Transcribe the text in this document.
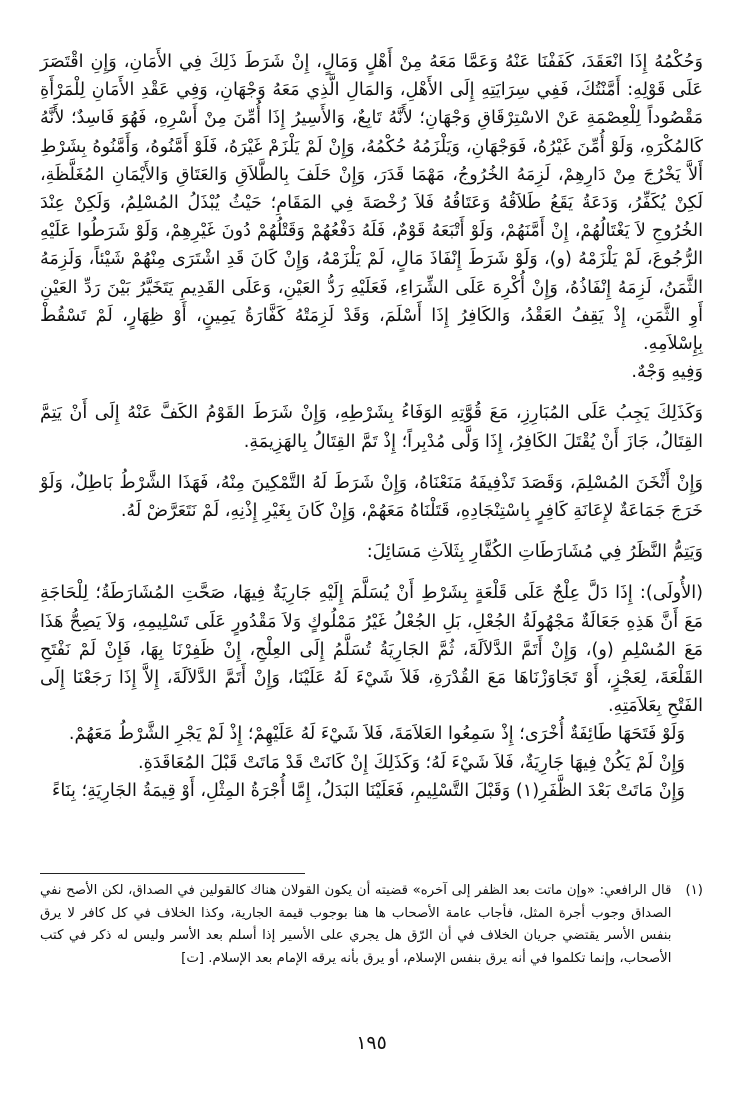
وَحُكْمُهُ إِذَا انْعَقَدَ، كَفَفْنَا عَنْهُ وَعَمَّا مَعَهُ مِنْ أَهْلٍ وَمَالٍ، إِنْ شَرَطَ ذَلِكَ فِي الأَمَانِ، وَإِنِ اقْتَصَرَ عَلَى قَوْلِهِ: أَمَّنْتُكَ، فَفِي سِرَايَتِهِ إِلَى الأَهْلِ، وَالمَالِ الَّذِي مَعَهُ وَجْهَانِ، وَفِي عَقْدِ الأَمَانِ لِلْمَرْأَةِ مَقْصُوداً لِلْعِصْمَةِ عَنْ الاسْتِرْقَاقِ وَجْهَانِ؛ لأَنَّهُ تَابِعٌ، وَالأَسِيرُ إِذَا أُمِّنَ مِنْ أَسْرِهِ، فَهُوَ فَاسِدٌ؛ لأَنَّهُ كَالمُكْرَهِ، وَلَوْ أُمِّنَ غَيْرُهُ، فَوَجْهَانِ، وَيَلْزَمُهُ حُكْمُهُ، وَإِنْ لَمْ يَلْزَمْ غَيْرَهُ، فَلَوْ أَمَّنُوهُ، وَأَمَّنُوهُ بِشَرْطِ أَلاَّ يَخْرُجَ مِنْ دَارِهِمْ، لَزِمَهُ الخُرُوجُ، مَهْمَا قَدَرَ، وَإِنْ حَلَفَ بِالطَّلاَقِ وَالعَتَاقِ وَالأَيْمَانِ المُغَلَّظَةِ، لَكِنْ يُكَفِّرُ، وَدَعَةُ يَقَعُ طَلاَقُهُ وَعَتَاقُهُ فَلاَ رُخْصَةَ فِي المَقَامِ؛ حَيْثُ يُبْذَلُ المُسْلِمُ، وَلَكِنْ عِنْدَ الخُرُوجِ لاَ يَغْتَالُهُمْ، إِنْ أَمَّنَهُمْ، وَلَوْ أَتْبَعَهُ قَوْمٌ، فَلَهُ دَفْعُهُمْ وَقَتْلُهُمْ دُونَ غَيْرِهِمْ، وَلَوْ شَرَطُوا عَلَيْهِ الرُّجُوعَ، لَمْ يَلْزَمْهُ (و)، وَلَوْ شَرَطَ إِنْفَاذَ مَالٍ، لَمْ يَلْزَمْهُ، وَإِنْ كَانَ قَدِ اشْتَرَى مِنْهُمْ شَيْئاً، وَلَزِمَهُ الثَّمَنُ، لَزِمَهُ إِنْفَاذُهُ، وَإِنْ أُكْرِهَ عَلَى الشِّرَاءِ، فَعَلَيْهِ رَدُّ العَيْنِ، وَعَلَى القَدِيمِ يَتَخَيَّرُ بَيْنَ رَدِّ العَيْنِ أَوِ الثَّمَنِ، إِذْ يَقِفُ العَقْدُ، وَالكَافِرُ إِذَا أَسْلَمَ، وَقَدْ لَزِمَتْهُ كَفَّارَةُ يَمِينٍ، أَوْ ظِهَارٍ، لَمْ تَسْقُطْ بِإِسْلاَمِهِ.

وَفِيهِ وَجْهٌ.

وَكَذَلِكَ يَجِبُ عَلَى المُبَارِزِ، مَعَ قُوَّتِهِ الوَفَاءُ بِشَرْطِهِ، وَإِنْ شَرَطَ القَوْمُ الكَفَّ عَنْهُ إِلَى أَنْ يَتِمَّ القِتَالُ، جَازَ أَنْ يُقْتَلَ الكَافِرُ، إِذَا وَلَّى مُدْبِراً؛ إِذْ تَمَّ القِتَالُ بِالهَزِيمَةِ.

وَإِنْ أَثْخَنَ المُسْلِمَ، وَقَصَدَ تَذْفِيفَهُ مَنَعْنَاهُ، وَإِنْ شَرَطَ لَهُ التَّمْكِينَ مِنْهُ، فَهَذَا الشَّرْطُ بَاطِلٌ، وَلَوْ خَرَجَ جَمَاعَةٌ لإِعَانَةِ كَافِرٍ بِاسْتِنْجَادِهِ، قَتَلْنَاهُ مَعَهُمْ، وَإِنْ كَانَ بِغَيْرِ إِذْنِهِ، لَمْ نَتَعَرَّضْ لَهُ.

وَيَتِمُّ النَّظَرُ فِي مُشَارَطَاتِ الكُفَّارِ بِثَلاَثِ مَسَائِلَ:

(الأُولَى): إِذَا دَلَّ عِلْجٌ عَلَى قَلْعَةٍ بِشَرْطِ أَنْ يُسَلَّمَ إِلَيْهِ جَارِيَةٌ فِيهَا، صَحَّتِ المُشَارَطَةُ؛ لِلْحَاجَةِ مَعَ أَنَّ هَذِهِ جَعَالَةٌ مَجْهُولَةُ الجُعْلِ، بَلِ الجُعْلُ غَيْرُ مَمْلُوكٍ وَلاَ مَقْدُورٍ عَلَى تَسْلِيمِهِ، وَلاَ يَصِحُّ هَذَا مَعَ المُسْلِمِ (و)، وَإِنْ أَتَمَّ الدَّلاَلَةَ، ثُمَّ الجَارِيَةُ تُسَلَّمُ إِلَى العِلْجِ، إِنْ ظَفِرْنَا بِهَا، فَإِنْ لَمْ نَفْتَحِ القَلْعَةَ، لِعَجْزٍ، أَوْ تَجَاوَزْنَاهَا مَعَ القُدْرَةِ، فَلاَ شَيْءَ لَهُ عَلَيْنَا، وَإِنْ أَتَمَّ الدَّلاَلَةَ، إِلاَّ إِذَا رَجَعْنَا إِلَى الفَتْحِ بِعَلاَمَتِهِ.

وَلَوْ فَتَحَهَا طَائِفَةٌ أُخْرَى؛ إِذْ سَمِعُوا العَلاَمَةَ، فَلاَ شَيْءَ لَهُ عَلَيْهِمْ؛ إِذْ لَمْ يَجْرِ الشَّرْطُ مَعَهُمْ.

وَإِنْ لَمْ يَكُنْ فِيهَا جَارِيَةٌ، فَلاَ شَيْءَ لَهُ؛ وَكَذَلِكَ إِنْ كَانَتْ قَدْ مَاتَتْ قَبْلَ المُعَاقَدَةِ.

وَإِنْ مَاتَتْ بَعْدَ الظَّفَرِ(١) وَقَبْلَ التَّسْلِيمِ، فَعَلَيْنَا البَدَلُ، إِمَّا أُجْرَةُ المِثْلِ، أَوْ قِيمَةُ الجَارِيَةِ؛ بِنَاءً

(١)
قال الرافعي: «وإن ماتت بعد الظفر إلى آخره» قضيته أن يكون القولان هناك كالقولين في الصداق، لكن الأصح نفي الصداق وجوب أجرة المثل، فأجاب عامة الأصحاب ها هنا بوجوب قيمة الجارية، وكذا الخلاف في كل كافر لا يرق بنفس الأسر يقتضي جريان الخلاف في أن الرّق هل يجري على الأسير إذا أسلم بعد الأسر وليس له ذكر في كتب الأصحاب، وإنما تكلموا في أنه يرق بنفس الإسلام، أو يرق بأنه يرقه الإمام بعد الإسلام. [ت]
١٩٥
